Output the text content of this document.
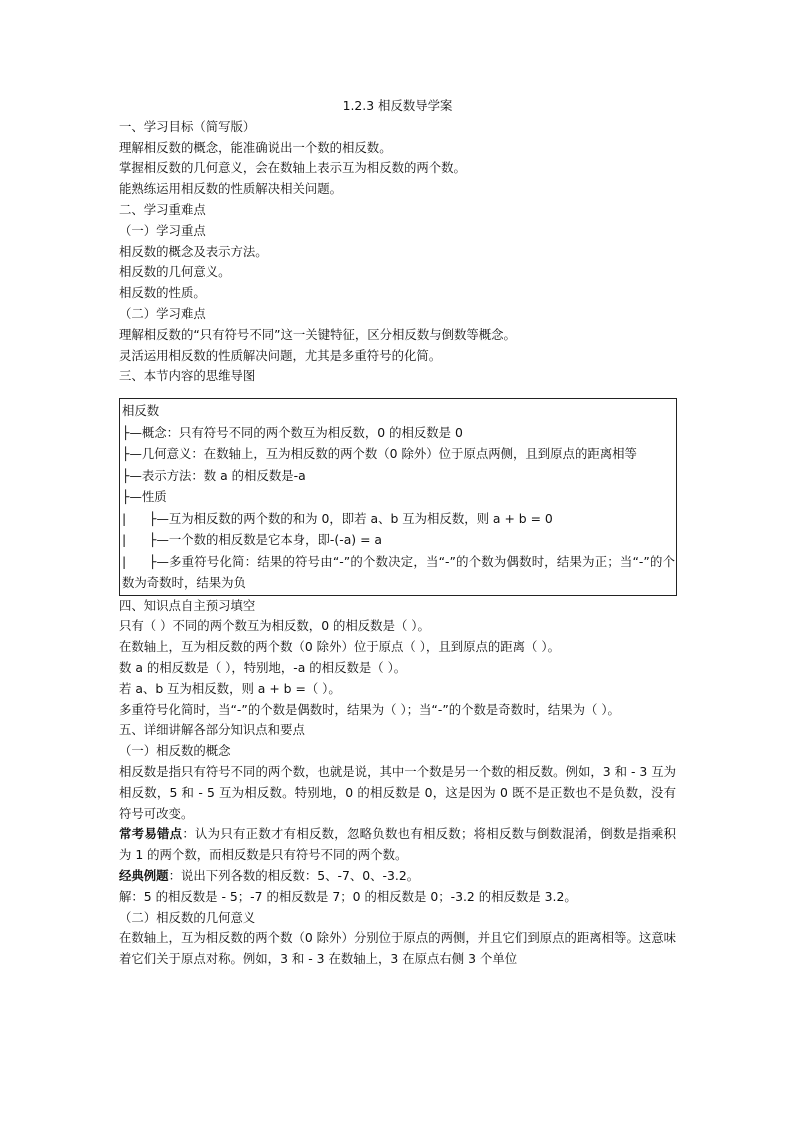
1.2.3 相反数导学案

一、学习目标（简写版）

理解相反数的概念，能准确说出一个数的相反数。

掌握相反数的几何意义，会在数轴上表示互为相反数的两个数。

能熟练运用相反数的性质解决相关问题。

二、学习重难点

（一）学习重点

相反数的概念及表示方法。

相反数的几何意义。

相反数的性质。

（二）学习难点

理解相反数的“只有符号不同”这一关键特征，区分相反数与倒数等概念。

灵活运用相反数的性质解决问题，尤其是多重符号的化简。

三、本节内容的思维导图

相反数

├—概念：只有符号不同的两个数互为相反数，0 的相反数是 0

├—几何意义：在数轴上，互为相反数的两个数（0 除外）位于原点两侧，且到原点的距离相等

├—表示方法：数 a 的相反数是-a

├—性质

| ├—互为相反数的两个数的和为 0，即若 a、b 互为相反数，则 a + b = 0

| ├—一个数的相反数是它本身，即-(-a) = a

| ├—多重符号化简：结果的符号由“-”的个数决定，当“-”的个数为偶数时，结果为正；当“-”的个数为奇数时，结果为负

四、知识点自主预习填空

只有（ ）不同的两个数互为相反数，0 的相反数是（ ）。

在数轴上，互为相反数的两个数（0 除外）位于原点（ ），且到原点的距离（ ）。

数 a 的相反数是（ ），特别地，-a 的相反数是（ ）。

若 a、b 互为相反数，则 a + b =（ ）。

多重符号化简时，当“-”的个数是偶数时，结果为（ ）；当“-”的个数是奇数时，结果为（ ）。

五、详细讲解各部分知识点和要点

（一）相反数的概念

相反数是指只有符号不同的两个数，也就是说，其中一个数是另一个数的相反数。例如，3 和 - 3 互为相反数，5 和 - 5 互为相反数。特别地，0 的相反数是 0，这是因为 0 既不是正数也不是负数，没有符号可改变。

常考易错点：认为只有正数才有相反数，忽略负数也有相反数；将相反数与倒数混淆，倒数是指乘积为 1 的两个数，而相反数是只有符号不同的两个数。

经典例题：说出下列各数的相反数：5、-7、0、-3.2。

解：5 的相反数是 - 5；-7 的相反数是 7；0 的相反数是 0；-3.2 的相反数是 3.2。

（二）相反数的几何意义

在数轴上，互为相反数的两个数（0 除外）分别位于原点的两侧，并且它们到原点的距离相等。这意味着它们关于原点对称。例如，3 和 - 3 在数轴上，3 在原点右侧 3 个单位
